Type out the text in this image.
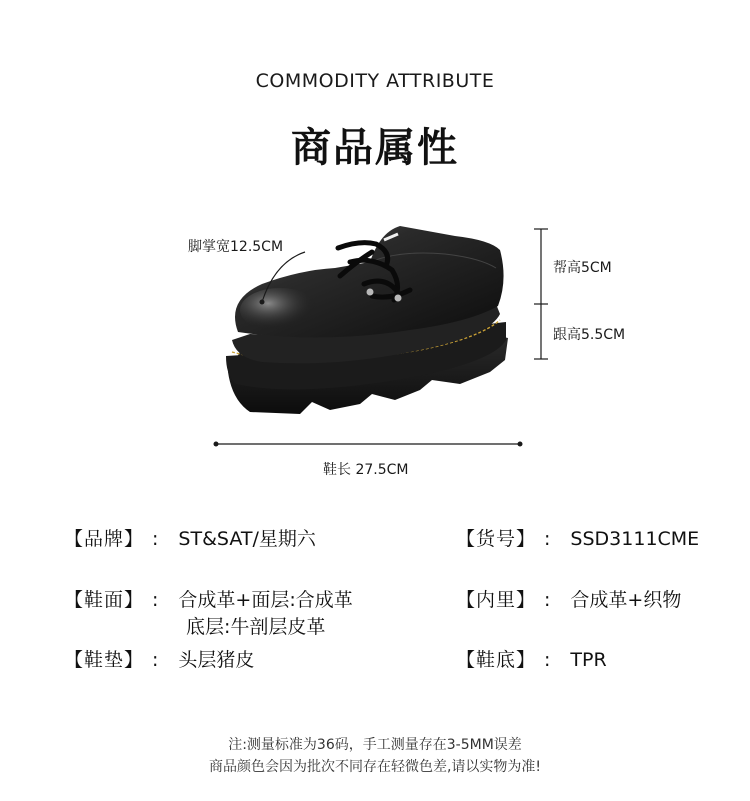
COMMODITY ATTRIBUTE
商品属性
脚掌宽12.5CM
帮高5CM
跟高5.5CM
鞋长 27.5CM
【品牌】 : ST&SAT/星期六	【货号】 : SSD3111CME
【鞋面】 : 合成革+面层:合成革
底层:牛剖层皮革
【内里】 : 合成革+织物
【鞋垫】 : 头层猪皮	【鞋底】 : TPR
注:测量标准为36码，手工测量存在3-5MM误差
商品颜色会因为批次不同存在轻微色差,请以实物为准!
